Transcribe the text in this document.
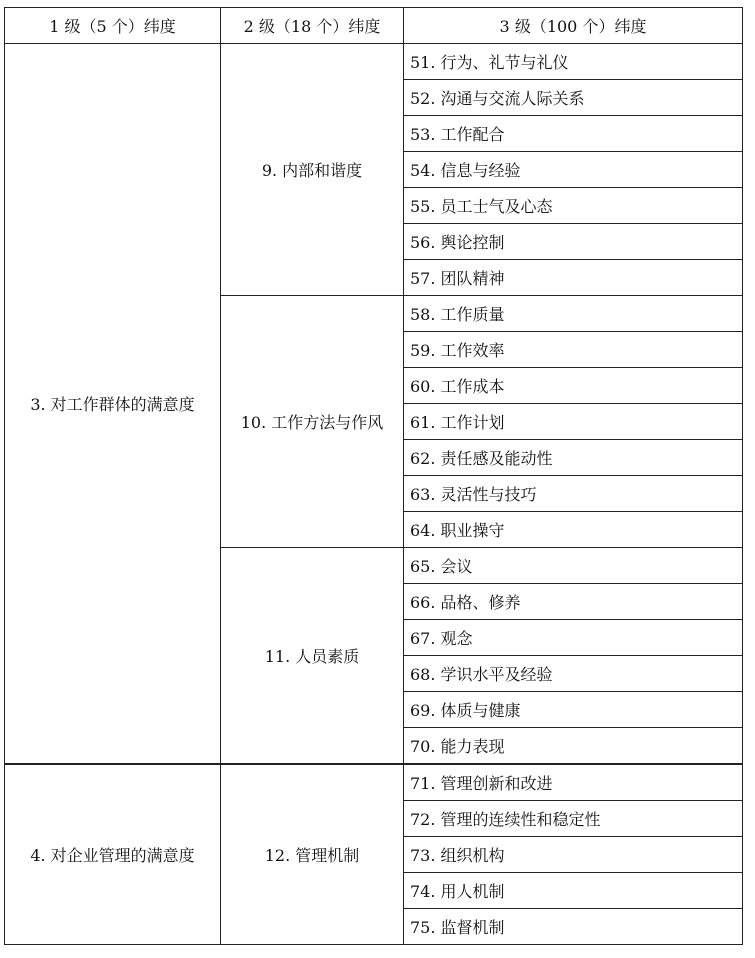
1 级（5 个）纬度	2 级（18 个）纬度	3 级（100 个）纬度
3. 对工作群体的满意度	9. 内部和谐度	51. 行为、礼节与礼仪
		52. 沟通与交流人际关系
		53. 工作配合
		54. 信息与经验
		55. 员工士气及心态
		56. 舆论控制
		57. 团队精神
	10. 工作方法与作风	58. 工作质量
		59. 工作效率
		60. 工作成本
		61. 工作计划
		62. 责任感及能动性
		63. 灵活性与技巧
		64. 职业操守
	11. 人员素质	65. 会议
		66. 品格、修养
		67. 观念
		68. 学识水平及经验
		69. 体质与健康
		70. 能力表现
4. 对企业管理的满意度	12. 管理机制	71. 管理创新和改进
		72. 管理的连续性和稳定性
		73. 组织机构
		74. 用人机制
		75. 监督机制
